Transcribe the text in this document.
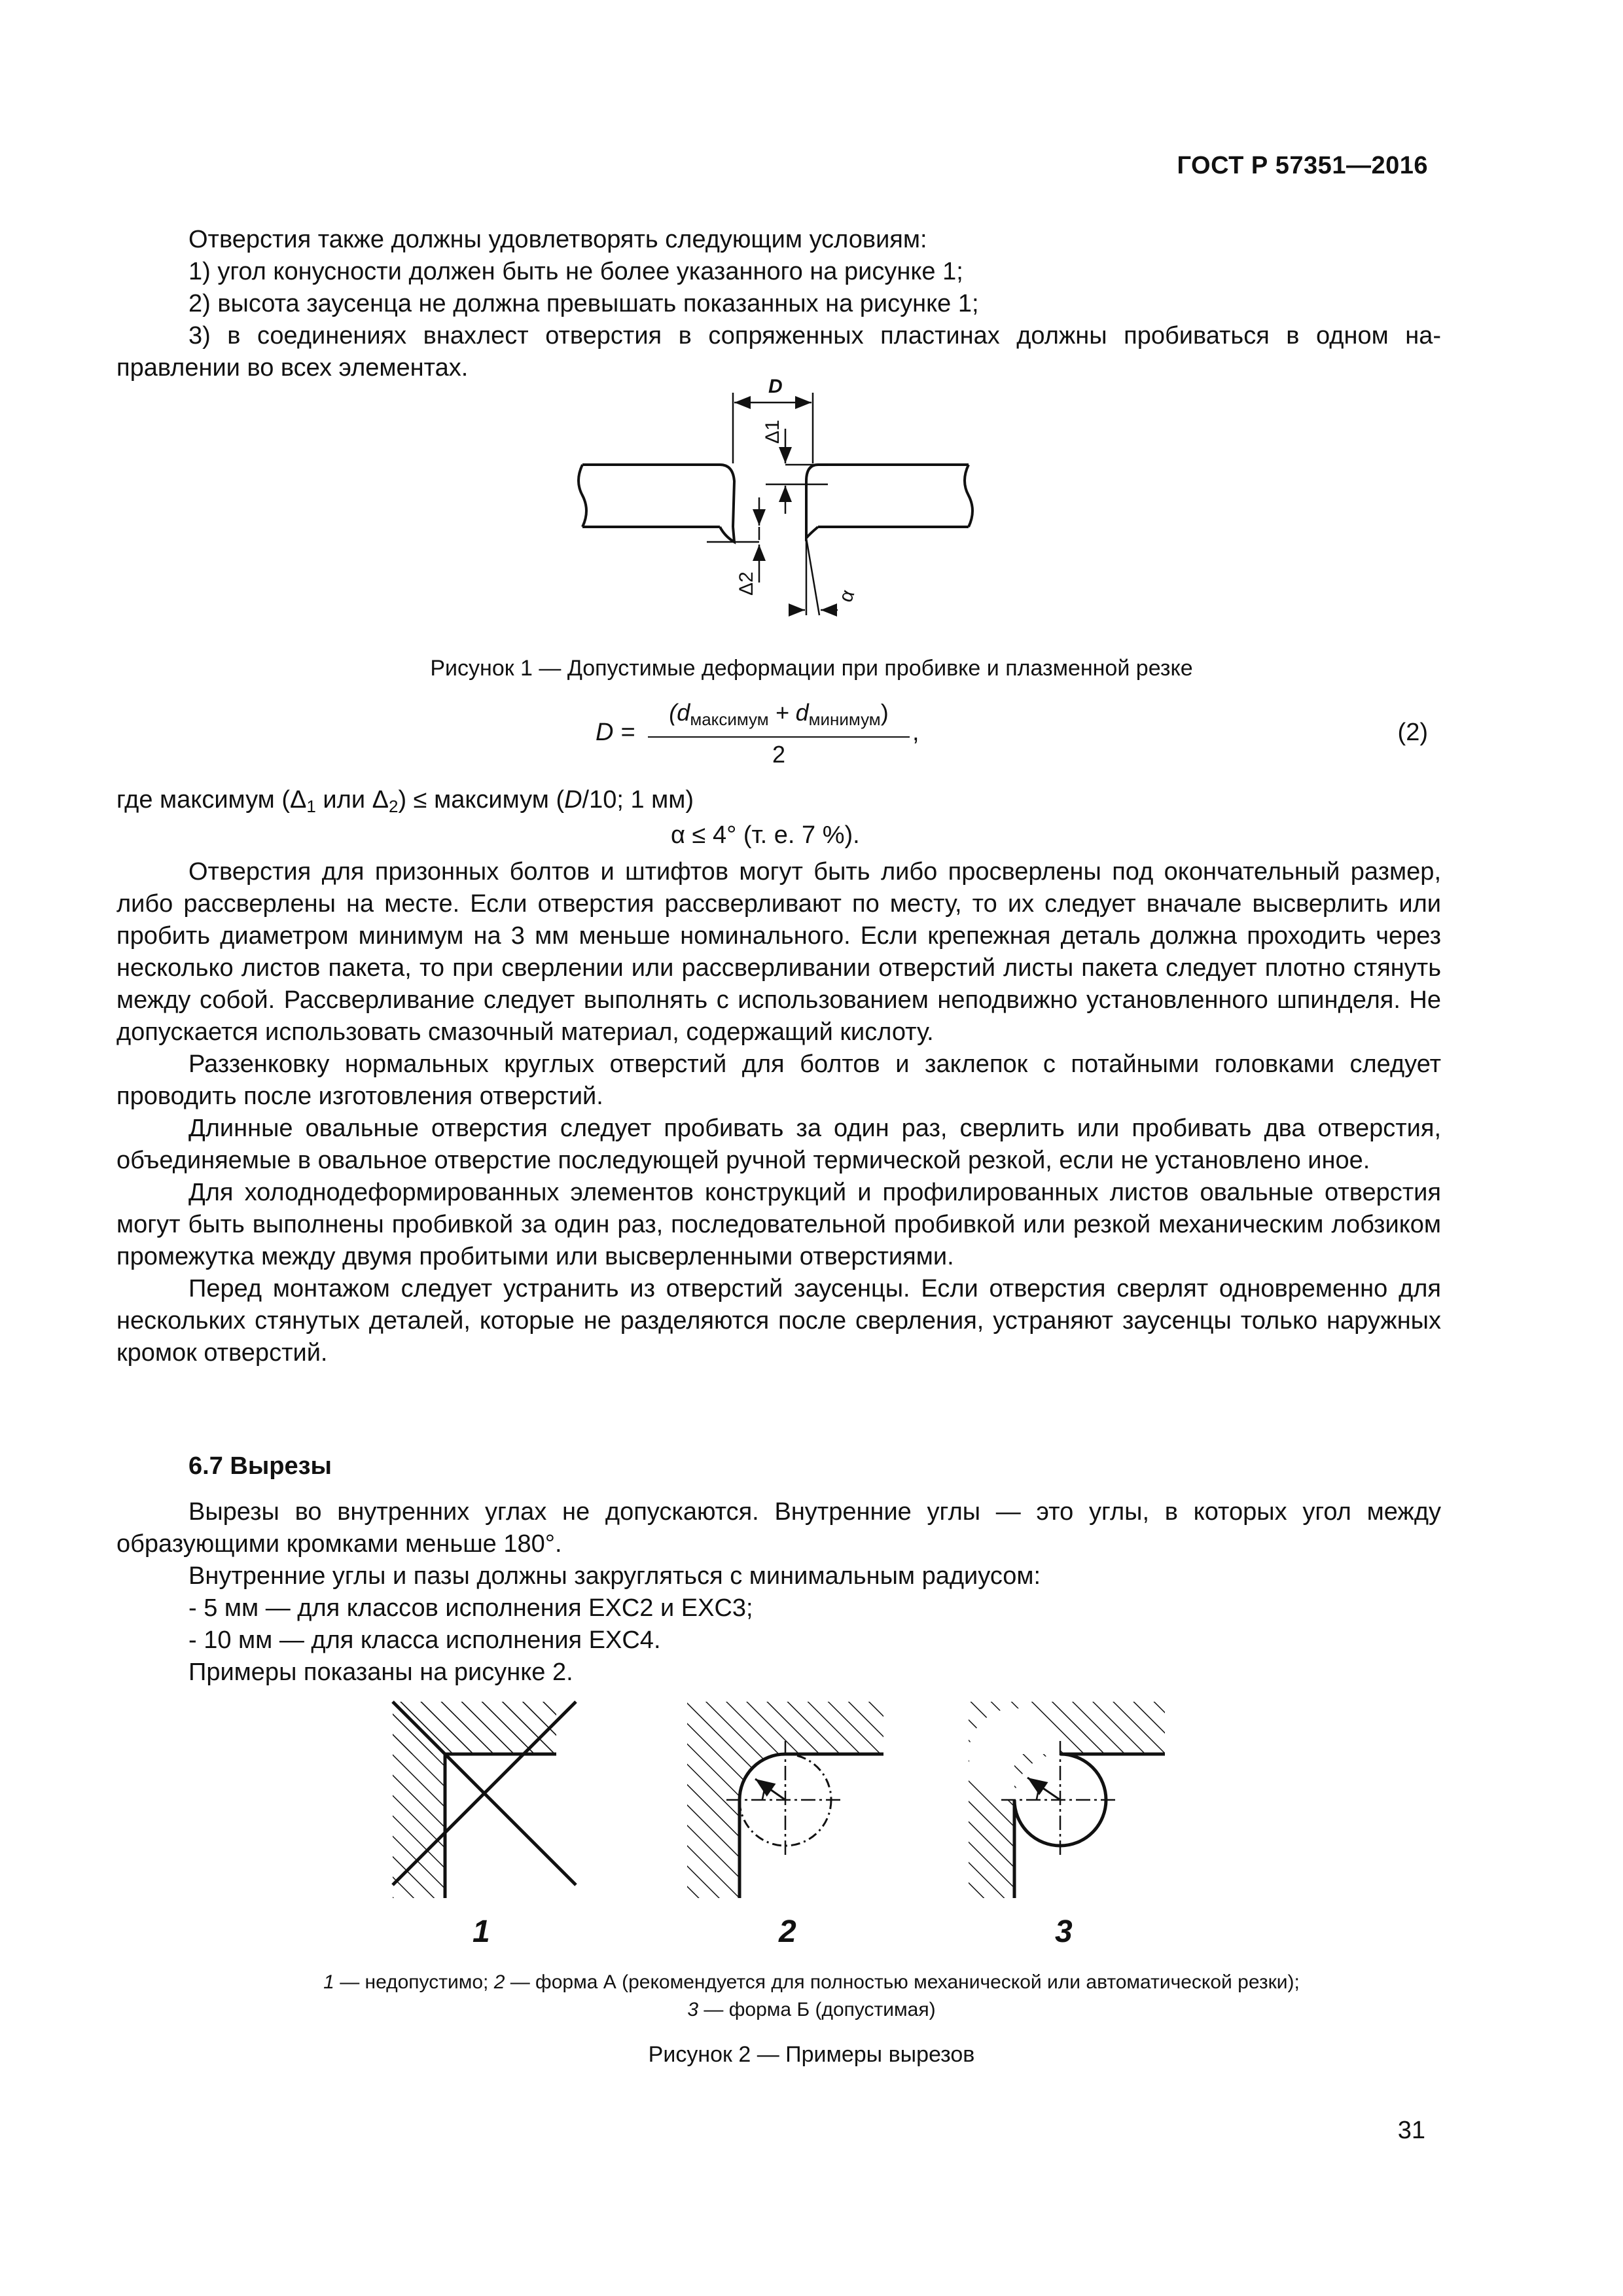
ГОСТ Р 57351—2016
Отверстия также должны удовлетворять следующим условиям:
1) угол конусности должен быть не более указанного на рисунке 1;
2) высота заусенца не должна превышать показанных на рисунке 1;
3) в соединениях внахлест отверстия в сопряженных пластинах должны пробиваться в одном на-
правлении во всех элементах.
D
Δ1
Δ2
α
Рисунок 1 — Допустимые деформации при пробивке и плазменной резке
D =
$(d_{максимум} + d_{минимум})$
2
,	(2)
где максимум ($\Delta_1$ или $\Delta_2$) ≤ максимум (D/10; 1 мм)
α ≤ 4° (т. е. 7 %).
Отверстия для призонных болтов и штифтов могут быть либо просверлены под окончательный размер, либо рассверлены на месте. Если отверстия рассверливают по месту, то их следует вначале высверлить или пробить диаметром минимум на 3 мм меньше номинального. Если крепежная деталь должна проходить через несколько листов пакета, то при сверлении или рассверливании отверстий листы пакета следует плотно стянуть между собой. Рассверливание следует выполнять с использованием неподвижно установленного шпинделя. Не допускается использовать смазочный материал, содержащий кислоту.
Раззенковку нормальных круглых отверстий для болтов и заклепок с потайными головками следует проводить после изготовления отверстий.
Длинные овальные отверстия следует пробивать за один раз, сверлить или пробивать два отверстия, объединяемые в овальное отверстие последующей ручной термической резкой, если не установлено иное.
Для холоднодеформированных элементов конструкций и профилированных листов овальные отверстия могут быть выполнены пробивкой за один раз, последовательной пробивкой или резкой механическим лобзиком промежутка между двумя пробитыми или высверленными отверстиями.
Перед монтажом следует устранить из отверстий заусенцы. Если отверстия сверлят одновременно для нескольких стянутых деталей, которые не разделяются после сверления, устраняют заусенцы только наружных кромок отверстий.
6.7 Вырезы
Вырезы во внутренних углах не допускаются. Внутренние углы — это углы, в которых угол между образующими кромками меньше 180°.
Внутренние углы и пазы должны закругляться с минимальным радиусом:
- 5 мм — для классов исполнения EXC2 и EXC3;
- 10 мм — для класса исполнения EXC4.
Примеры показаны на рисунке 2.
r	r
1	2	3
1 — недопустимо; 2 — форма А (рекомендуется для полностью механической или автоматической резки);
3 — форма Б (допустимая)
Рисунок 2 — Примеры вырезов
31
